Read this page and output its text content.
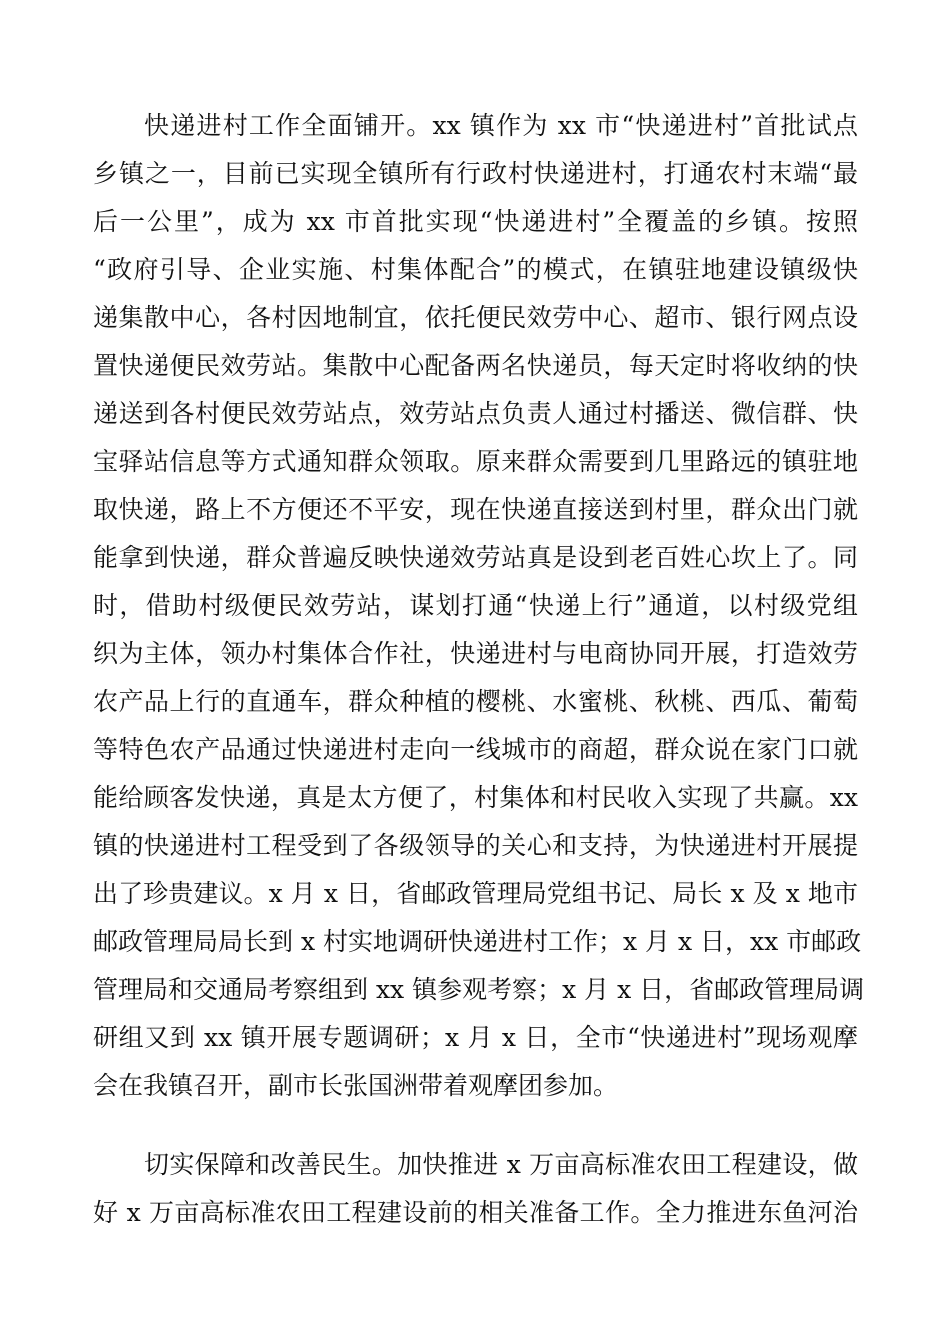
快递进村工作全面铺开。xx 镇作为 xx 市“快递进村”首批试点
乡镇之一，目前已实现全镇所有行政村快递进村，打通农村末端“最
后一公里”，成为 xx 市首批实现“快递进村”全覆盖的乡镇。按照
“政府引导、企业实施、村集体配合”的模式，在镇驻地建设镇级快
递集散中心，各村因地制宜，依托便民效劳中心、超市、银行网点设
置快递便民效劳站。集散中心配备两名快递员，每天定时将收纳的快
递送到各村便民效劳站点，效劳站点负责人通过村播送、微信群、快
宝驿站信息等方式通知群众领取。原来群众需要到几里路远的镇驻地
取快递，路上不方便还不平安，现在快递直接送到村里，群众出门就
能拿到快递，群众普遍反映快递效劳站真是设到老百姓心坎上了。同
时，借助村级便民效劳站，谋划打通“快递上行”通道，以村级党组
织为主体，领办村集体合作社，快递进村与电商协同开展，打造效劳
农产品上行的直通车，群众种植的樱桃、水蜜桃、秋桃、西瓜、葡萄
等特色农产品通过快递进村走向一线城市的商超，群众说在家门口就
能给顾客发快递，真是太方便了，村集体和村民收入实现了共赢。xx
镇的快递进村工程受到了各级领导的关心和支持，为快递进村开展提
出了珍贵建议。x 月 x 日，省邮政管理局党组书记、局长 x 及 x 地市
邮政管理局局长到 x 村实地调研快递进村工作；x 月 x 日，xx 市邮政
管理局和交通局考察组到 xx 镇参观考察；x 月 x 日，省邮政管理局调
研组又到 xx 镇开展专题调研；x 月 x 日，全市“快递进村”现场观摩
会在我镇召开，副市长张国洲带着观摩团参加。
切实保障和改善民生。加快推进 x 万亩高标准农田工程建设，做
好 x 万亩高标准农田工程建设前的相关准备工作。全力推进东鱼河治
